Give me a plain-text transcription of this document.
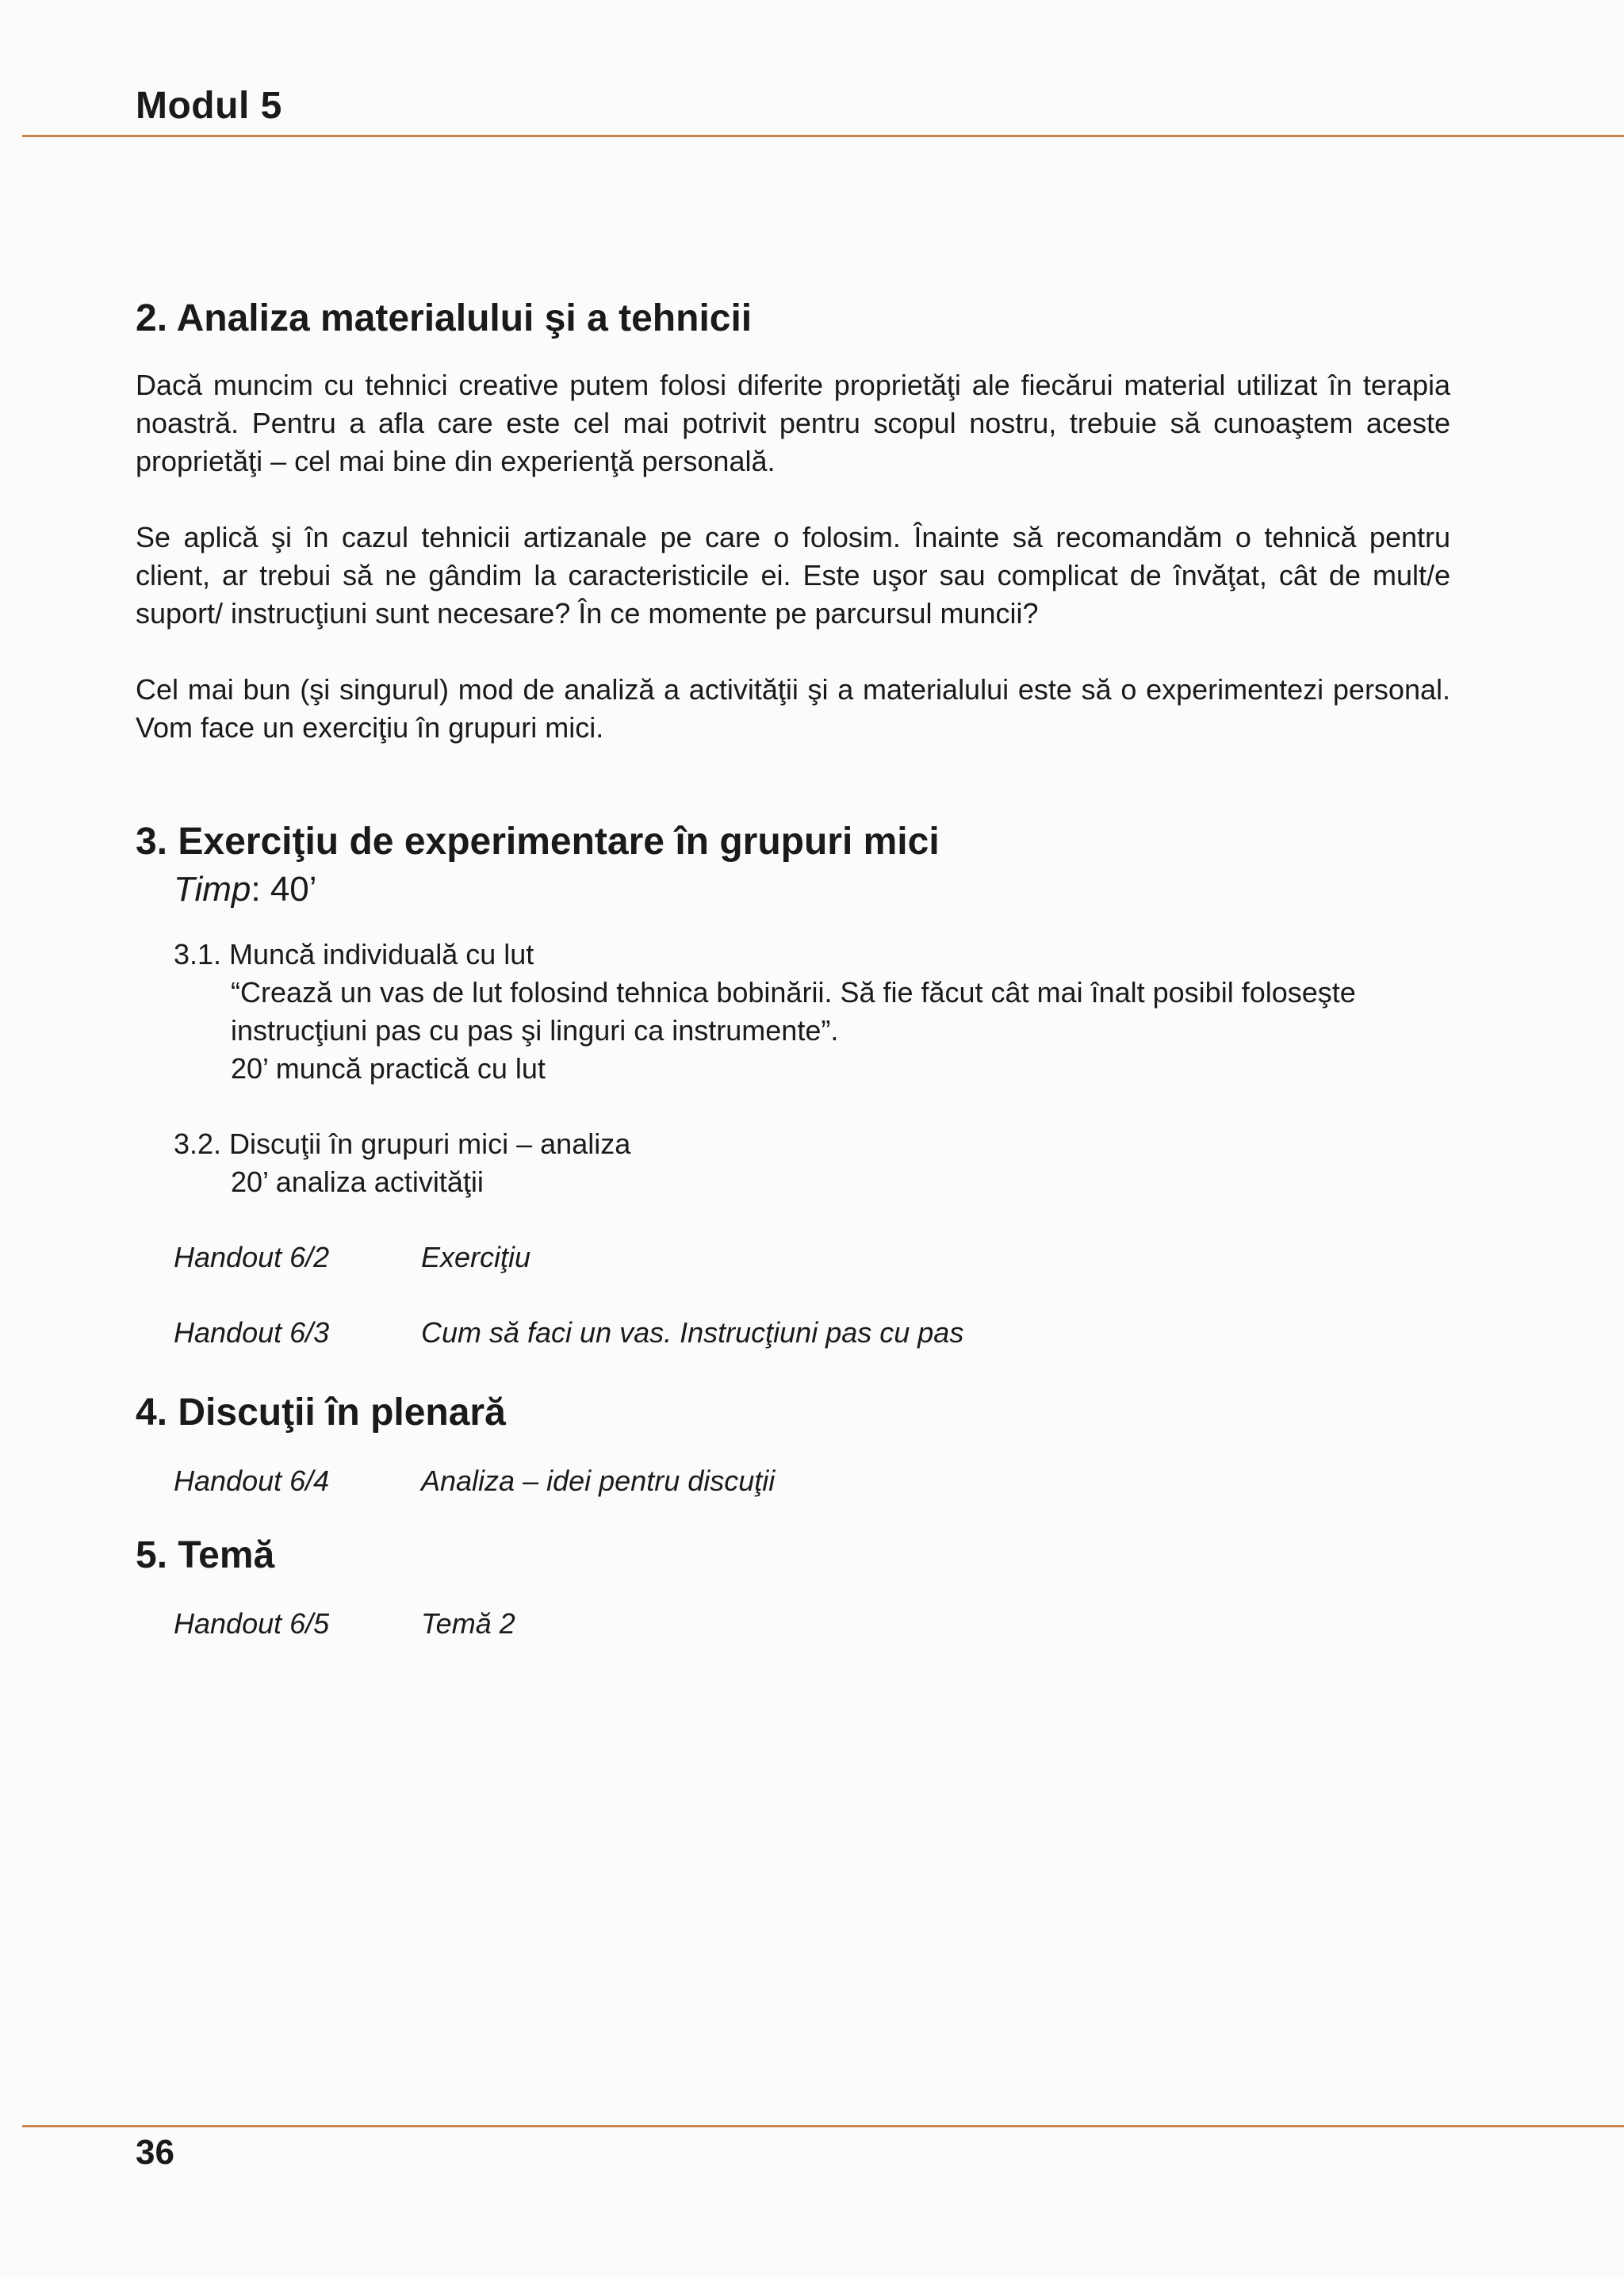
Modul 5
2. Analiza materialului şi a tehnicii

Dacă muncim cu tehnici creative putem folosi diferite proprietăţi ale fiecărui material utilizat în terapia noastră. Pentru a afla care este cel mai potrivit pentru scopul nostru, trebuie să cunoaştem aceste proprietăţi – cel mai bine din experienţă personală.

Se aplică şi în cazul tehnicii artizanale pe care o folosim. Înainte să recomandăm o tehnică pentru client, ar trebui să ne gândim la caracteristicile ei. Este uşor sau complicat de învăţat, cât de mult/e suport/ instrucţiuni sunt necesare? În ce momente pe parcursul muncii?

Cel mai bun (şi singurul) mod de analiză a activităţii şi a materialului este să o experimentezi personal. Vom face un exerciţiu în grupuri mici.

3. Exerciţiu de experimentare în grupuri mici
Timp: 40’
3.1. Muncă individuală cu lut
“Crează un vas de lut folosind tehnica bobinării. Să fie făcut cât mai înalt posibil foloseşte
instrucţiuni pas cu pas şi linguri ca instrumente”.
20’ muncă practică cu lut
3.2. Discuţii în grupuri mici – analiza
20’ analiza activităţii
Handout 6/2	Exerciţiu
Handout 6/3	Cum să faci un vas. Instrucţiuni pas cu pas
4. Discuţii în plenară
Handout 6/4	Analiza – idei pentru discuţii
5. Temă
Handout 6/5	Temă 2
36
